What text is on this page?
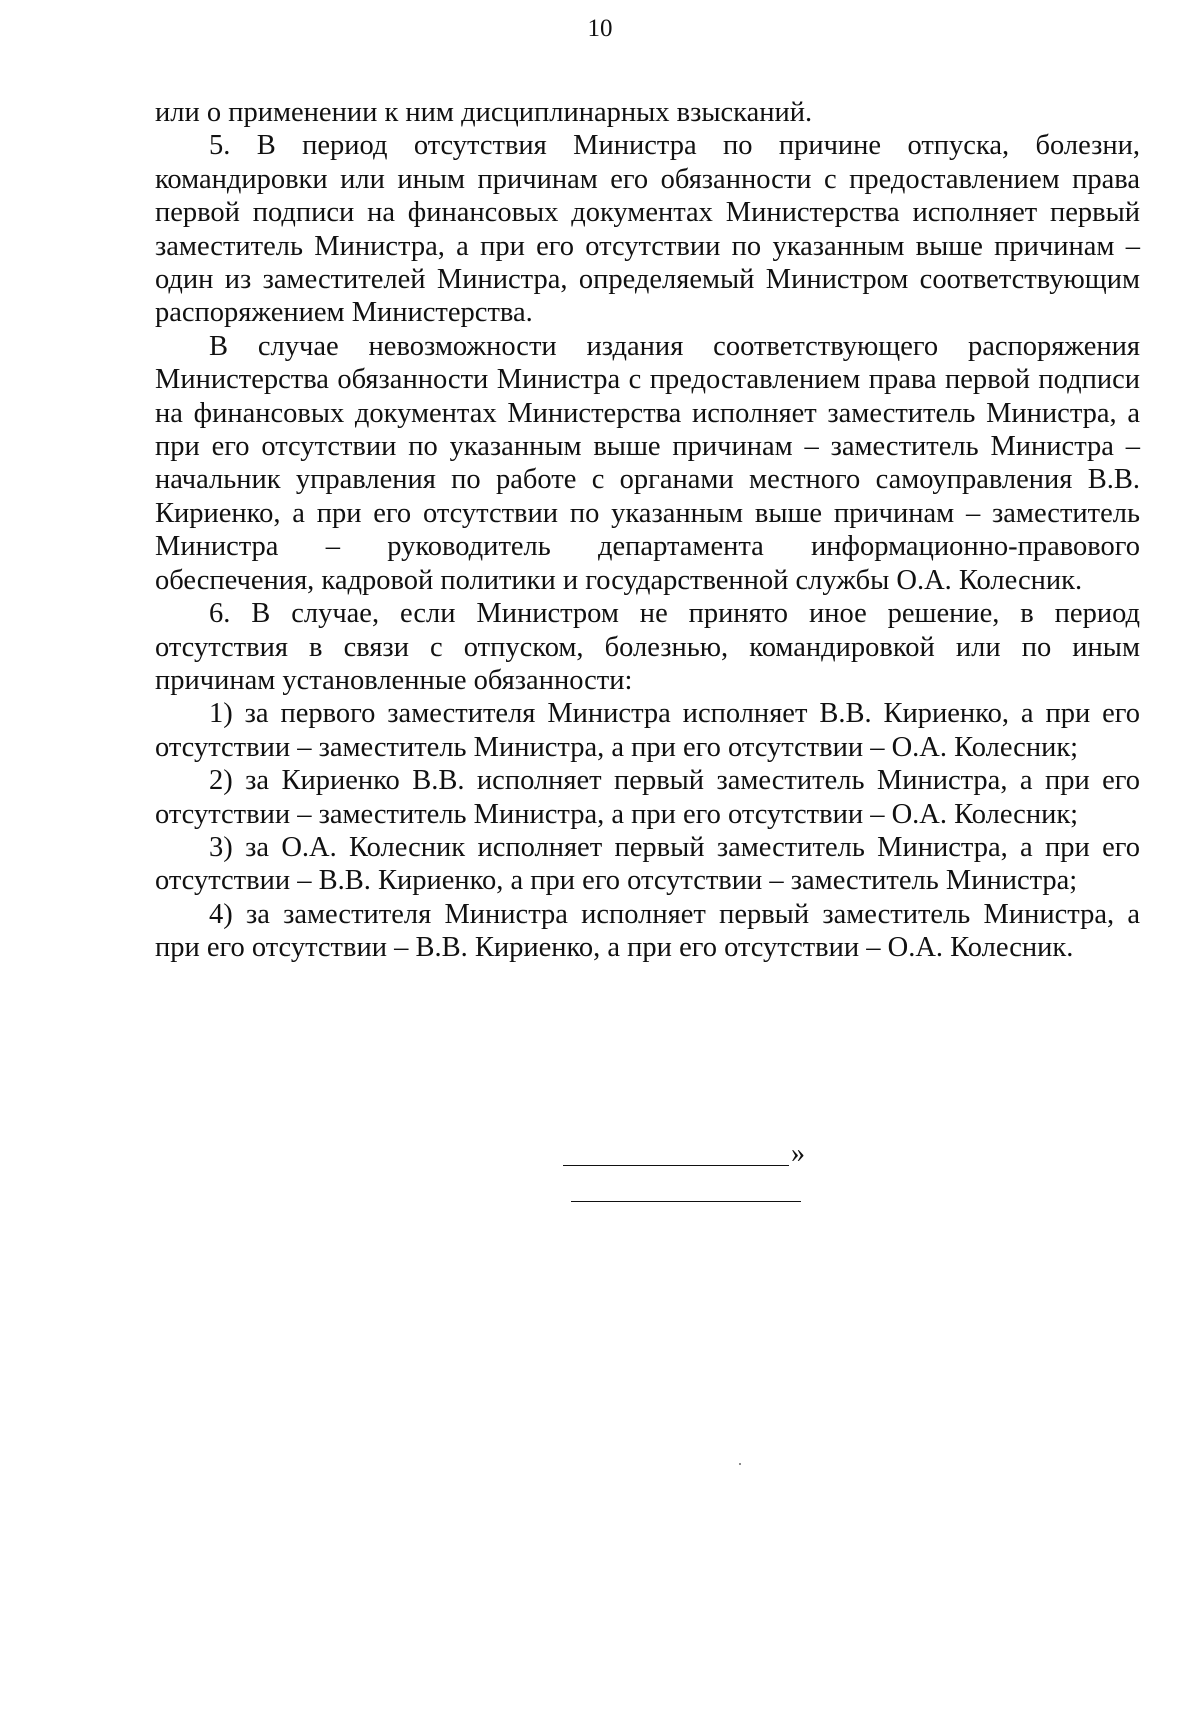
10

или о применении к ним дисциплинарных взысканий.

5. В период отсутствия Министра по причине отпуска, болезни, командировки или иным причинам его обязанности с предоставлением права первой подписи на финансовых документах Министерства исполняет первый заместитель Министра, а при его отсутствии по указанным выше причинам – один из заместителей Министра, определяемый Министром соответствующим распоряжением Министерства.

В случае невозможности издания соответствующего распоряжения Министерства обязанности Министра с предоставлением права первой подписи на финансовых документах Министерства исполняет заместитель Министра, а при его отсутствии по указанным выше причинам – заместитель Министра – начальник управления по работе с органами местного самоуправления В.В. Кириенко, а при его отсутствии по указанным выше причинам – заместитель Министра – руководитель департамента информационно-правового обеспечения, кадровой политики и государственной службы О.А. Колесник.

6. В случае, если Министром не принято иное решение, в период отсутствия в связи с отпуском, болезнью, командировкой или по иным причинам установленные обязанности:

1) за первого заместителя Министра исполняет В.В. Кириенко, а при его отсутствии – заместитель Министра, а при его отсутствии – О.А. Колесник;

2) за Кириенко В.В. исполняет первый заместитель Министра, а при его отсутствии – заместитель Министра, а при его отсутствии – О.А. Колесник;

3) за О.А. Колесник исполняет первый заместитель Министра, а при его отсутствии – В.В. Кириенко, а при его отсутствии – заместитель Министра;

4) за заместителя Министра исполняет первый заместитель Министра, а при его отсутствии – В.В. Кириенко, а при его отсутствии – О.А. Колесник.

»
